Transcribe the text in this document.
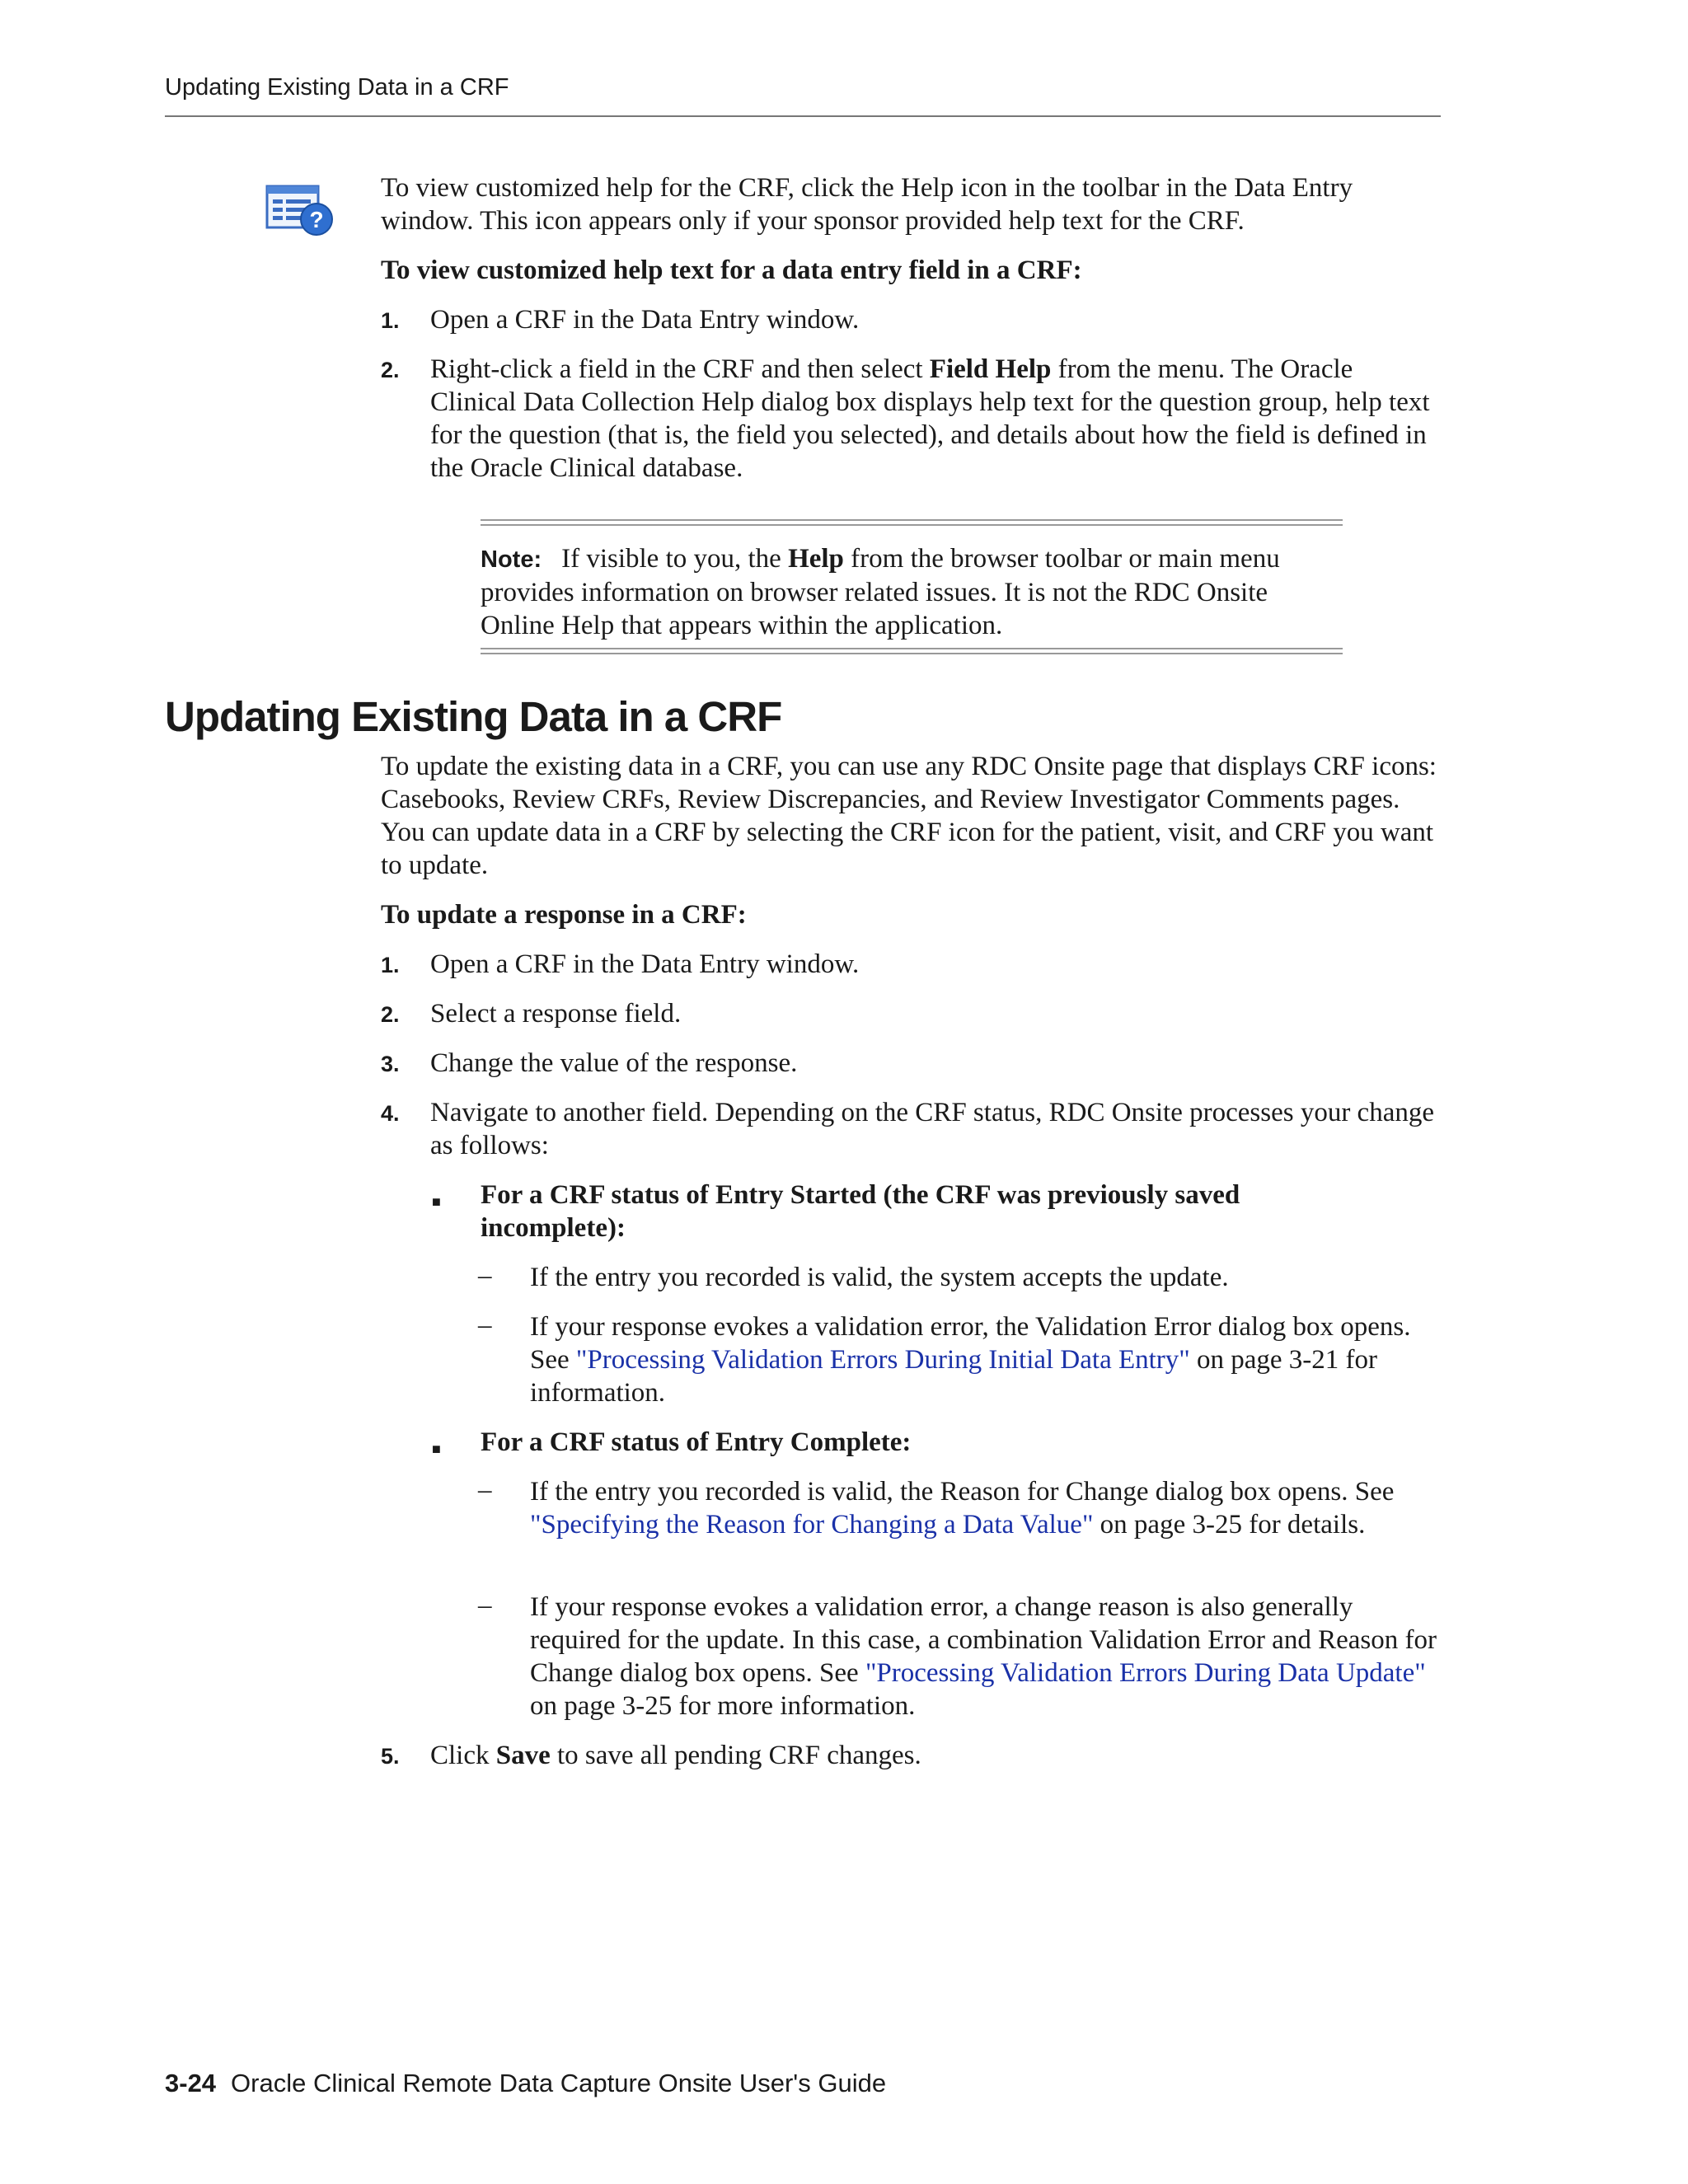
Updating Existing Data in a CRF
?
To view customized help for the CRF, click the Help icon in the toolbar in the Data Entry window. This icon appears only if your sponsor provided help text for the CRF.
To view customized help text for a data entry field in a CRF:
1. Open a CRF in the Data Entry window.
2. Right-click a field in the CRF and then select Field Help from the menu. The Oracle Clinical Data Collection Help dialog box displays help text for the question group, help text for the question (that is, the field you selected), and details about how the field is defined in the Oracle Clinical database.
Note: If visible to you, the Help from the browser toolbar or main menu provides information on browser related issues. It is not the RDC Onsite Online Help that appears within the application.
Updating Existing Data in a CRF
To update the existing data in a CRF, you can use any RDC Onsite page that displays CRF icons: Casebooks, Review CRFs, Review Discrepancies, and Review Investigator Comments pages. You can update data in a CRF by selecting the CRF icon for the patient, visit, and CRF you want to update.
To update a response in a CRF:
1. Open a CRF in the Data Entry window.
2. Select a response field.
3. Change the value of the response.
4. Navigate to another field. Depending on the CRF status, RDC Onsite processes your change as follows:
■ For a CRF status of Entry Started (the CRF was previously saved incomplete):
– If the entry you recorded is valid, the system accepts the update.
– If your response evokes a validation error, the Validation Error dialog box opens. See "Processing Validation Errors During Initial Data Entry" on page 3-21 for information.
■ For a CRF status of Entry Complete:
– If the entry you recorded is valid, the Reason for Change dialog box opens. See "Specifying the Reason for Changing a Data Value" on page 3-25 for details.
– If your response evokes a validation error, a change reason is also generally required for the update. In this case, a combination Validation Error and Reason for Change dialog box opens. See "Processing Validation Errors During Data Update" on page 3-25 for more information.
5. Click Save to save all pending CRF changes.
3-24 Oracle Clinical Remote Data Capture Onsite User's Guide
